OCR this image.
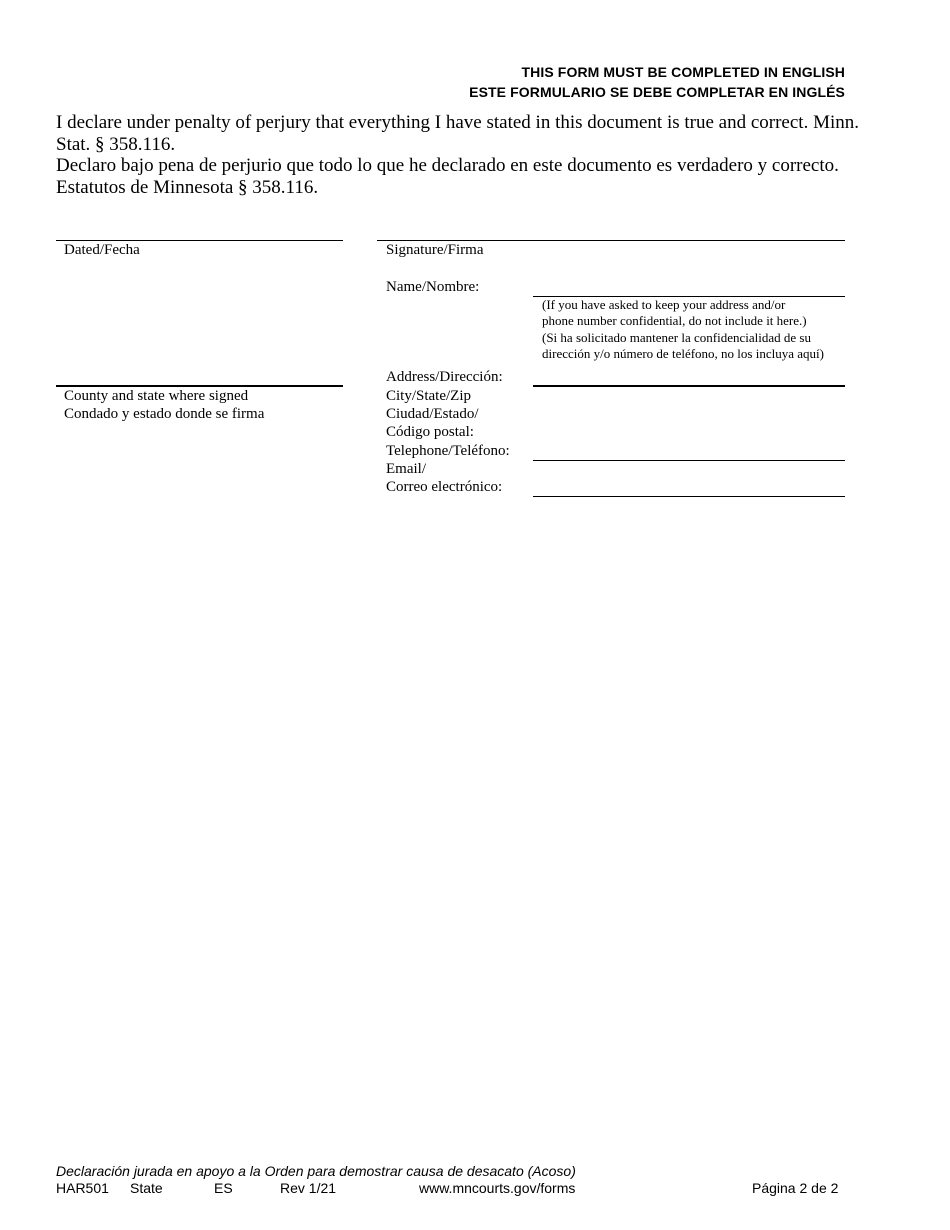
THIS FORM MUST BE COMPLETED IN ENGLISH
ESTE FORMULARIO SE DEBE COMPLETAR EN INGLÉS

I declare under penalty of perjury that everything I have stated in this document is true and correct. Minn. Stat. § 358.116.

Declaro bajo pena de perjurio que todo lo que he declarado en este documento es verdadero y correcto. Estatutos de Minnesota § 358.116.

Dated/Fecha
County and state where signed
Condado y estado donde se firma
Signature/Firma
Name/Nombre:
(If you have asked to keep your address and/or
phone number confidential, do not include it here.)
(Si ha solicitado mantener la confidencialidad de su
dirección y/o número de teléfono, no los incluya aquí)
Address/Dirección:
City/State/Zip
Ciudad/Estado/
Código postal:
Telephone/Teléfono:
Email/
Correo electrónico:
Declaración jurada en apoyo a la Orden para demostrar causa de desacato (Acoso)
HAR501 State	ES	Rev 1/21	www.mncourts.gov/forms	Página 2 de 2
